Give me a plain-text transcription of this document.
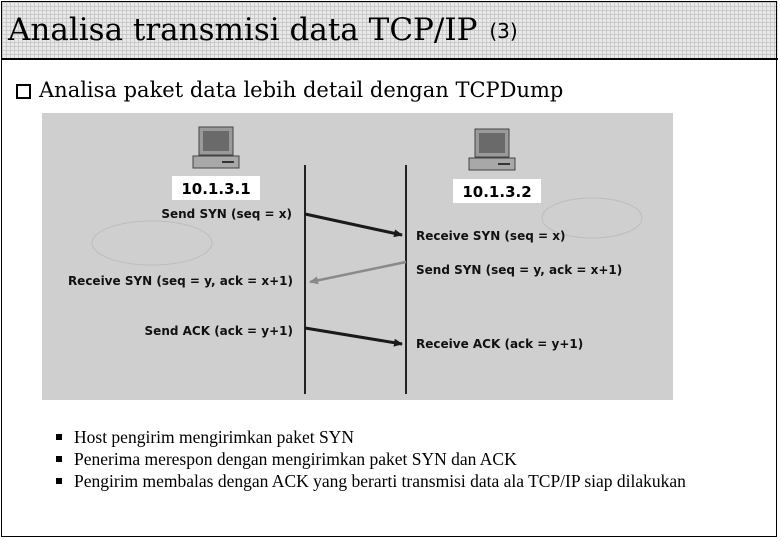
Analisa transmisi data TCP/IP (3)
Analisa paket data lebih detail dengan TCPDump
10.1.3.1	10.1.3.2
Send SYN (seq = x)
Receive SYN (seq = y, ack = x+1)
Send ACK (ack = y+1)
Receive SYN (seq = x)
Send SYN (seq = y, ack = x+1)
Receive ACK (ack = y+1)
Host pengirim mengirimkan paket SYN
Penerima merespon dengan mengirimkan paket SYN dan ACK
Pengirim membalas dengan ACK yang berarti transmisi data ala TCP/IP siap dilakukan
